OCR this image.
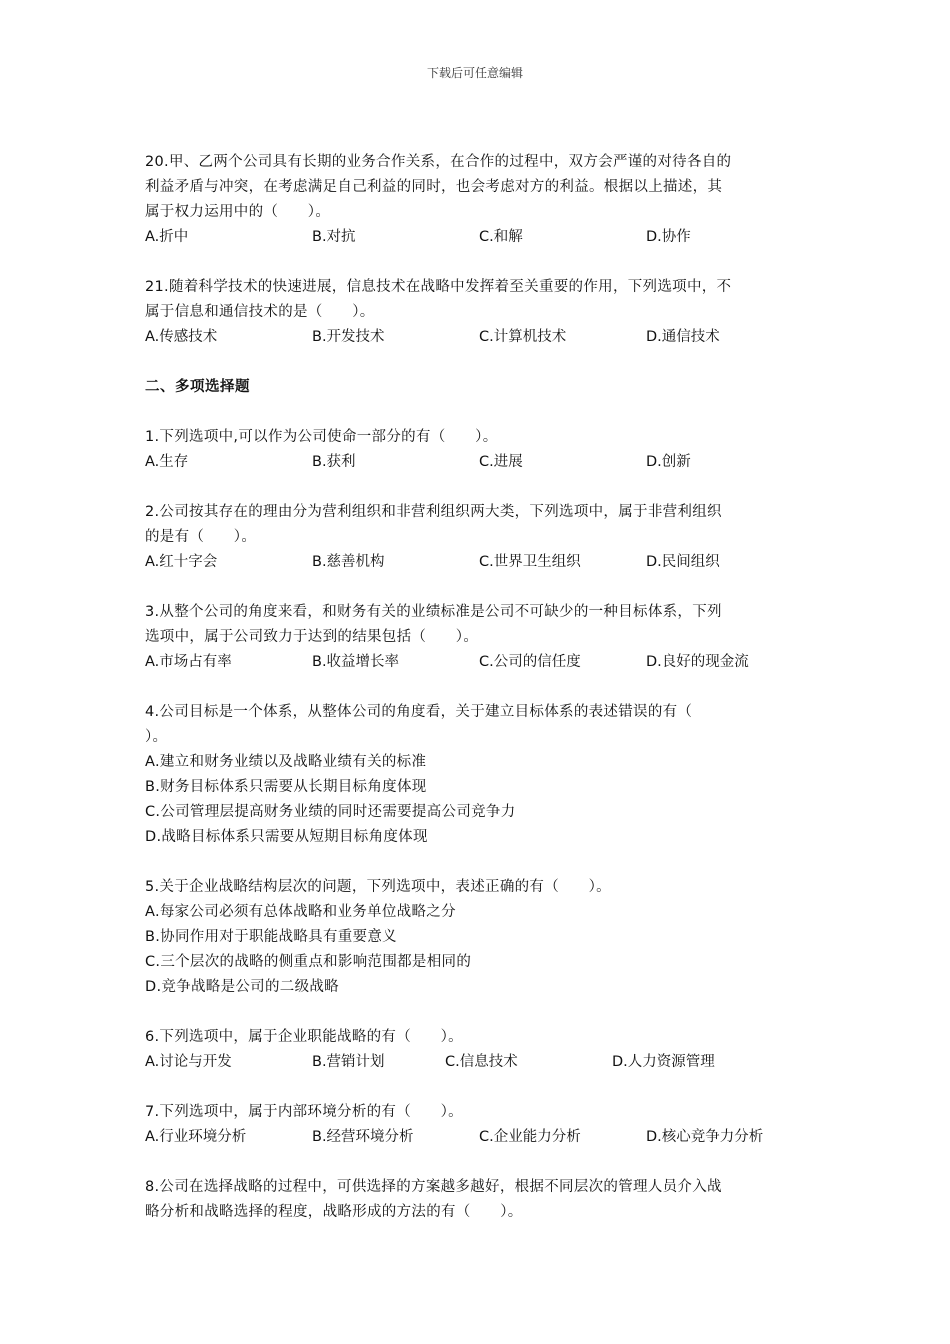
下载后可任意编辑
20.甲、乙两个公司具有长期的业务合作关系，在合作的过程中，双方会严谨的对待各自的
利益矛盾与冲突，在考虑满足自己利益的同时，也会考虑对方的利益。根据以上描述，其
属于权力运用中的（　　）。
A.折中	B.对抗	C.和解	D.协作
21.随着科学技术的快速进展，信息技术在战略中发挥着至关重要的作用，下列选项中，不
属于信息和通信技术的是（　　）。
A.传感技术	B.开发技术	C.计算机技术	D.通信技术
二、多项选择题
1.下列选项中,可以作为公司使命一部分的有（　　）。
A.生存	B.获利	C.进展	D.创新
2.公司按其存在的理由分为营利组织和非营利组织两大类，下列选项中，属于非营利组织
的是有（　　）。
A.红十字会	B.慈善机构	C.世界卫生组织	D.民间组织
3.从整个公司的角度来看，和财务有关的业绩标准是公司不可缺少的一种目标体系，下列
选项中，属于公司致力于达到的结果包括（　　）。
A.市场占有率	B.收益增长率	C.公司的信任度	D.良好的现金流
4.公司目标是一个体系，从整体公司的角度看，关于建立目标体系的表述错误的有（
）。
A.建立和财务业绩以及战略业绩有关的标准
B.财务目标体系只需要从长期目标角度体现
C.公司管理层提高财务业绩的同时还需要提高公司竞争力
D.战略目标体系只需要从短期目标角度体现
5.关于企业战略结构层次的问题，下列选项中，表述正确的有（　　）。
A.每家公司必须有总体战略和业务单位战略之分
B.协同作用对于职能战略具有重要意义
C.三个层次的战略的侧重点和影响范围都是相同的
D.竞争战略是公司的二级战略
6.下列选项中，属于企业职能战略的有（　　）。
A.讨论与开发	B.营销计划	C.信息技术	D.人力资源管理
7.下列选项中，属于内部环境分析的有（　　）。
A.行业环境分析	B.经营环境分析	C.企业能力分析	D.核心竞争力分析
8.公司在选择战略的过程中，可供选择的方案越多越好，根据不同层次的管理人员介入战
略分析和战略选择的程度，战略形成的方法的有（　　）。
